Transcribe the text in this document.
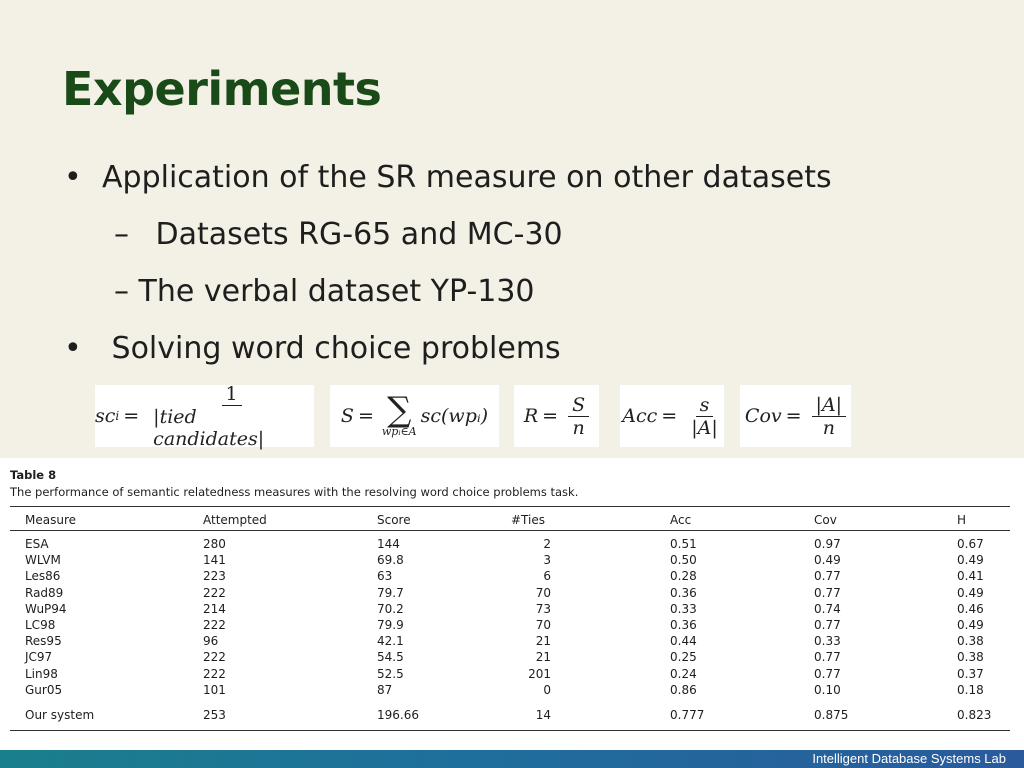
Experiments
• Application of the SR measure on other datasets
– Datasets RG-65 and MC-30
– The verbal dataset YP-130
• Solving word choice problems
sc $i = \frac{1}{\text{|tied candidates|}}$ S = ∑
wpᵢ∈A
sc(wpᵢ) $R = \frac{S}{n}$ Acc = $\frac{s}{|A|}$ Cov = $\frac{|A|}{n}$
Table 8
The performance of semantic relatedness measures with the resolving word choice problems task.
Measure	Attempted	Score	#Ties	Acc	Cov	H
ESA	280	144	2	0.51	0.97	0.67
WLVM	141	69.8	3	0.50	0.49	0.49
Les86	223	63	6	0.28	0.77	0.41
Rad89	222	79.7	70	0.36	0.77	0.49
WuP94	214	70.2	73	0.33	0.74	0.46
LC98	222	79.9	70	0.36	0.77	0.49
Res95	96	42.1	21	0.44	0.33	0.38
JC97	222	54.5	21	0.25	0.77	0.38
Lin98	222	52.5	201	0.24	0.77	0.37
Gur05	101	87	0	0.86	0.10	0.18
Our system	253	196.66	14	0.777	0.875	0.823
Intelligent Database Systems Lab
